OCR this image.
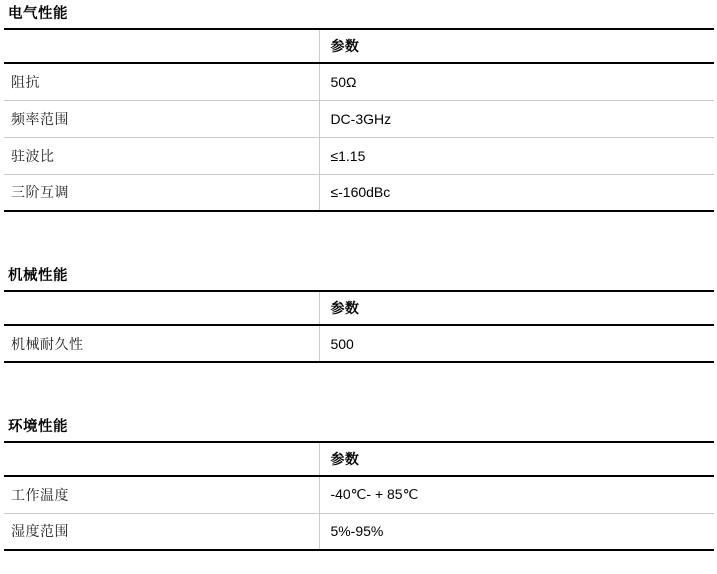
电气性能
	参数
阻抗	50Ω
频率范围	DC-3GHz
驻波比	≤1.15
三阶互调	≤-160dBc
机械性能
	参数
机械耐久性	500
环境性能
	参数
工作温度	-40℃- + 85℃
湿度范围	5%-95%
